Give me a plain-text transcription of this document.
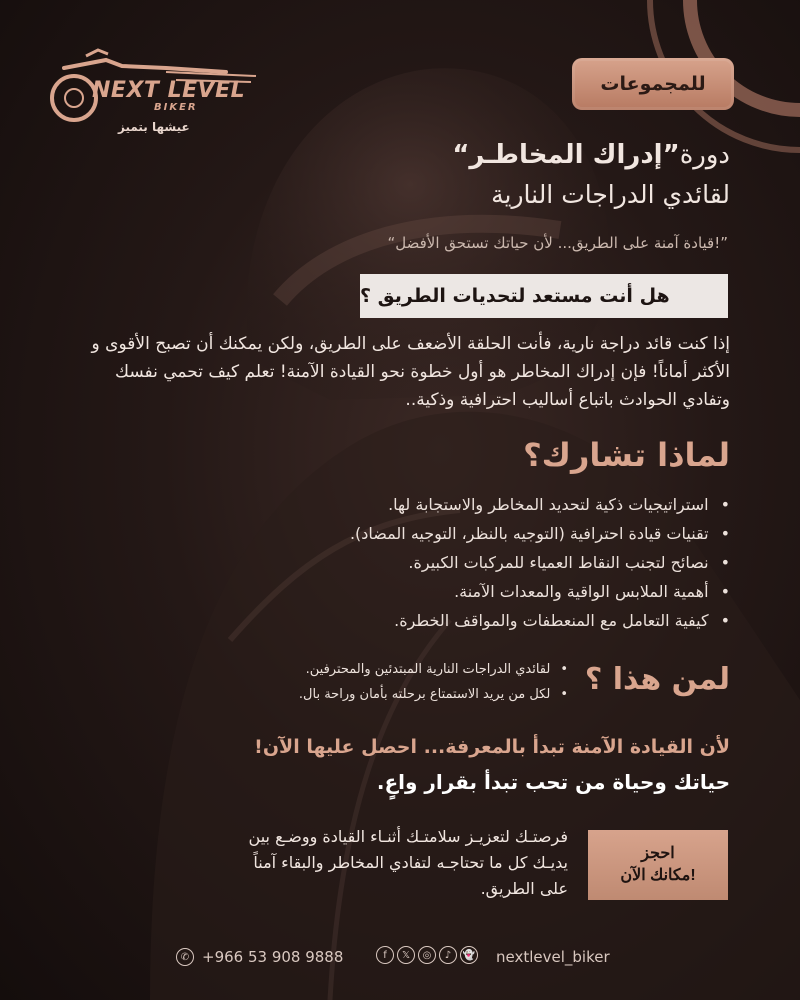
NEXT LEVEL
BIKER
عيشها بتميز
للمجموعات
دورة”إدراك المخاطـر“
لقائدي الدراجات النارية
”!قيادة آمنة على الطريق... لأن حياتك تستحق الأفضل“
هل أنت مستعد لتحديات الطريق ؟
إذا كنت قائد دراجة نارية، فأنت الحلقة الأضعف على الطريق، ولكن يمكنك أن تصبح الأقوى و الأكثر أماناً! فإن إدراك المخاطر هو أول خطوة نحو القيادة الآمنة! تعلم كيف تحمي نفسك وتفادي الحوادث باتباع أساليب احترافية وذكية..
لماذا تشارك؟
• استراتيجيات ذكية لتحديد المخاطر والاستجابة لها.
• تقنيات قيادة احترافية (التوجيه بالنظر، التوجيه المضاد).
• نصائح لتجنب النقاط العمياء للمركبات الكبيرة.
• أهمية الملابس الواقية والمعدات الآمنة.
• كيفية التعامل مع المنعطفات والمواقف الخطرة.
لمن هذا ؟
• لقائدي الدراجات النارية المبتدئين والمحترفين.
• لكل من يريد الاستمتاع برحلته بأمان وراحة بال.
لأن القيادة الآمنة تبدأ بالمعرفة... احصل عليها الآن!
حياتك وحياة من تحب تبدأ بقرار واعٍ.
احجز
مكانك الآن!
فرصتـك لتعزيـز سلامتـك أثنـاء القيادة ووضـع بين يديـك كل ما تحتاجـه لتفادي المخاطر والبقاء آمناً على الطريق.
✆ +966 53 908 9888	f	𝕏	◎	♪	👻 nextlevel_biker
